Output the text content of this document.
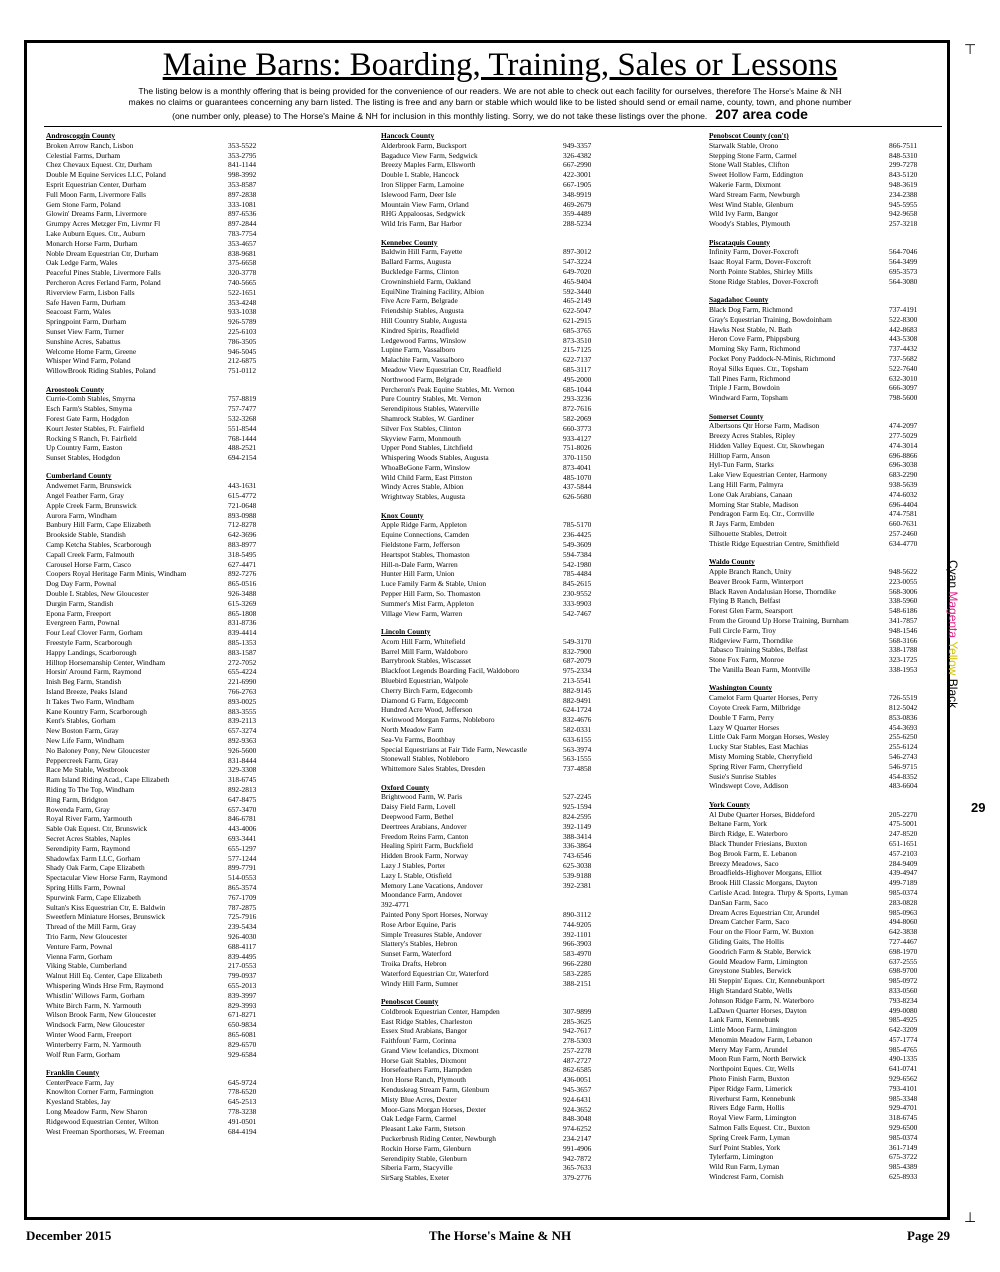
Maine Barns: Boarding, Training, Sales or Lessons
The listing below is a monthly offering that is being provided for the convenience of our readers. We are not able to check out each facility for ourselves, therefore The Horse's Maine & NH
makes no claims or guarantees concerning any barn listed. The listing is free and any barn or stable which would like to be listed should send or email name, county, town, and phone number
(one number only, please) to The Horse's Maine & NH for inclusion in this monthly listing. Sorry, we do not take these listings over the phone. 207 area code
Androscoggin County
Broken Arrow Ranch, Lisbon	353-5522
Celestial Farms, Durham	353-2795
Chez Chevaux Equest. Ctr, Durham	841-1144
Double M Equine Services LLC, Poland	998-3992
Esprit Equestrian Center, Durham	353-8587
Full Moon Farm, Livermore Falls	897-2838
Gem Stone Farm, Poland	333-1081
Glowin' Dreams Farm, Livermore	897-6536
Grumpy Acres Metzger Fm, Livrmr Fl	897-2844
Lake Auburn Eques. Ctr., Auburn	783-7754
Monarch Horse Farm, Durham	353-4657
Noble Dream Equestrian Ctr, Durham	838-9681
Oak Ledge Farm, Wales	375-6658
Peaceful Pines Stable, Livermore Falls	320-3778
Percheron Acres Ferland Farm, Poland	740-5665
Riverview Farm, Lisbon Falls	522-1651
Safe Haven Farm, Durham	353-4248
Seacoast Farm, Wales	933-1038
Springpoint Farm, Durham	926-5789
Sunset View Farm, Turner	225-6103
Sunshine Acres, Sabattus	786-3505
Welcome Home Farm, Greene	946-5045
Whisper Wind Farm, Poland	212-6875
WillowBrook Riding Stables, Poland	751-0112
Aroostook County
Currie-Comb Stables, Smyrna	757-8819
Esch Farm's Stables, Smyrna	757-7477
Forest Gate Farm, Hodgdon	532-3268
Kourt Jester Stables, Ft. Fairfield	551-8544
Rocking S Ranch, Ft. Fairfield	768-1444
Up Country Farm, Easton	488-2521
Sunset Stables, Hodgdon	694-2154
Cumberland County
Andwemet Farm, Brunswick	443-1631
Angel Feather Farm, Gray	615-4772
Apple Creek Farm, Brunswick	721-0648
Aurora Farm, Windham	893-0988
Banbury Hill Farm, Cape Elizabeth	712-8278
Brookside Stable, Standish	642-3696
Camp Ketcha Stables, Scarborough	883-8977
Capall Creek Farm, Falmouth	318-5495
Carousel Horse Farm, Casco	627-4471
Coopers Royal Heritage Farm Minis, Windham	892-7276
Dog Day Farm, Pownal	865-0516
Double L Stables, New Gloucester	926-3488
Durgin Farm, Standish	615-3269
Epona Farm, Freeport	865-1808
Evergreen Farm, Pownal	831-8736
Four Leaf Clover Farm, Gorham	839-4414
Freestyle Farm, Scarborough	885-1353
Happy Landings, Scarborough	883-1587
Hilltop Horsemanship Center, Windham	272-7052
Horsin' Around Farm, Raymond	655-4224
Inish Beg Farm, Standish	221-6990
Island Breeze, Peaks Island	766-2763
It Takes Two Farm, Windham	893-0025
Kane Kountry Farm, Scarborough	883-3555
Kent's Stables, Gorham	839-2113
New Boston Farm, Gray	657-3274
New Life Farm, Windham	892-9363
No Baloney Pony, New Gloucester	926-5600
Peppercreek Farm, Gray	831-8444
Race Me Stable, Westbrook	329-3308
Ram Island Riding Acad., Cape Elizabeth	318-6745
Riding To The Top, Windham	892-2813
Ring Farm, Bridgton	647-8475
Rowenda Farm, Gray	657-3470
Royal River Farm, Yarmouth	846-6781
Sable Oak Equest. Ctr, Brunswick	443-4006
Secret Acres Stables, Naples	693-3441
Serendipity Farm, Raymond	655-1297
Shadowfax Farm LLC, Gorham	577-1244
Shady Oak Farm, Cape Elizabeth	899-7791
Spectacular View Horse Farm, Raymond	514-0553
Spring Hills Farm, Pownal	865-3574
Spurwink Farm, Cape Elizabeth	767-1709
Sultan's Kiss Equestrian Ctr, E. Baldwin	787-2875
Sweetfern Miniature Horses, Brunswick	725-7916
Thread of the Mill Farm, Gray	239-5434
Trio Farm, New Gloucester	926-4030
Venture Farm, Pownal	688-4117
Vienna Farm, Gorham	839-4495
Viking Stable, Cumberland	217-0553
Walnut Hill Eq. Center, Cape Elizabeth	799-0937
Whispering Winds Hrse Frm, Raymond	655-2013
Whistlin' Willows Farm, Gorham	839-3997
White Birch Farm, N. Yarmouth	829-3993
Wilson Brook Farm, New Gloucester	671-8271
Windsock Farm, New Gloucester	650-9834
Winter Wood Farm, Freeport	865-6081
Winterberry Farm, N. Yarmouth	829-6570
Wolf Run Farm, Gorham	929-6584
Franklin County
CenterPeace Farm, Jay	645-9724
Knowlton Corner Farm, Farmington	778-6520
Kyesland Stables, Jay	645-2513
Long Meadow Farm, New Sharon	778-3238
Ridgewood Equestrian Center, Wilton	491-0501
West Freeman Sporthorses, W. Freeman	684-4194
Hancock County
Alderbrook Farm, Bucksport	949-3357
Bagaduce View Farm, Sedgwick	326-4382
Breezy Maples Farm, Ellsworth	667-2990
Double L Stable, Hancock	422-3001
Iron Slipper Farm, Lamoine	667-1905
Islewood Farm, Deer Isle	348-9919
Mountain View Farm, Orland	469-2679
RHG Appaloosas, Sedgwick	359-4489
Wild Iris Farm, Bar Harbor	288-5234
Kennebec County
Baldwin Hill Farm, Fayette	897-3012
Ballard Farms, Augusta	547-3224
Buckledge Farms, Clinton	649-7020
Crowninshield Farm, Oakland	465-9404
EquiNine Training Facility, Albion	592-3440
Five Acre Farm, Belgrade	465-2149
Friendship Stables, Augusta	622-5047
Hill Country Stable, Augusta	621-2915
Kindred Spirits, Readfield	685-3765
Ledgewood Farms, Winslow	873-3510
Lupine Farm, Vassalboro	215-7125
Malachite Farm, Vassalboro	622-7137
Meadow View Equestrian Ctr, Readfield	685-3117
Northwood Farm, Belgrade	495-2000
Percheron's Peak Equine Stables, Mt. Vernon	685-1044
Pure Country Stables, Mt. Vernon	293-3236
Serendipitous Stables, Waterville	872-7616
Shamrock Stables, W. Gardiner	582-2069
Silver Fox Stables, Clinton	660-3773
Skyview Farm, Monmouth	933-4127
Upper Pond Stables, Litchfield	751-8026
Whispering Woods Stables, Augusta	370-1150
WhoaBeGone Farm, Winslow	873-4041
Wild Child Farm, East Pittston	485-1070
Windy Acres Stable, Albion	437-5844
Wrightway Stables, Augusta	626-5680
Knox County
Apple Ridge Farm, Appleton	785-5170
Equine Connections, Camden	236-4425
Fieldstone Farm, Jefferson	549-3609
Heartspot Stables, Thomaston	594-7384
Hill-n-Dale Farm, Warren	542-1980
Hunter Hill Farm, Union	785-4484
Luce Family Farm & Stable, Union	845-2615
Pepper Hill Farm, So. Thomaston	230-9552
Summer's Mist Farm, Appleton	333-9903
Village View Farm, Warren	542-7467
Lincoln County
Acorn Hill Farm, Whitefield	549-3170
Barrel Mill Farm, Waldoboro	832-7900
Barrybrook Stables, Wiscasset	687-2079
Blackfoot Legends Boarding Facil, Waldoboro	975-2334
Bluebird Equestrian, Walpole	213-5541
Cherry Birch Farm, Edgecomb	882-9145
Diamond G Farm, Edgecomb	882-9491
Hundred Acre Wood, Jefferson	624-1724
Kwinwood Morgan Farms, Nobleboro	832-4676
North Meadow Farm	582-0331
Sea-Vu Farms, Boothbay	633-6155
Special Equestrians at Fair Tide Farm, Newcastle	563-3974
Stonewall Stables, Nobleboro	563-1555
Whittemore Sales Stables, Dresden	737-4858
Oxford County
Brightwood Farm, W. Paris	527-2245
Daisy Field Farm, Lovell	925-1594
Deepwood Farm, Bethel	824-2595
Deertrees Arabians, Andover	392-1149
Freedom Reins Farm, Canton	388-3414
Healing Spirit Farm, Buckfield	336-3864
Hidden Brook Farm, Norway	743-6546
Lazy J Stables, Porter	625-3038
Lazy L Stable, Otisfield	539-9188
Memory Lane Vacations, Andover	392-2381
Moondance Farm, Andover
392-4771
Painted Pony Sport Horses, Norway	890-3112
Rose Arbor Equine, Paris	744-9205
Simple Treasures Stable, Andover	392-1101
Slattery's Stables, Hebron	966-3903
Sunset Farm, Waterford	583-4970
Troika Drafts, Hebron	966-2280
Waterford Equestrian Ctr, Waterford	583-2285
Windy Hill Farm, Sumner	388-2151
Penobscot County
Coldbrook Equestrian Center, Hampden	307-9899
East Ridge Stables, Charleston	285-3625
Essex Stud Arabians, Bangor	942-7617
Faithfoun' Farm, Corinna	278-5303
Grand View Icelandics, Dixmont	257-2278
Horse Gait Stables, Dixmont	487-2727
Horsefeathers Farm, Hampden	862-6585
Iron Horse Ranch, Plymouth	436-0051
Kenduskeag Stream Farm, Glenburn	945-3657
Misty Blue Acres, Dexter	924-6431
Moor-Gans Morgan Horses, Dexter	924-3652
Oak Ledge Farm, Carmel	848-3048
Pleasant Lake Farm, Stetson	974-6252
Puckerbrush Riding Center, Newburgh	234-2147
Rockin Horse Farm, Glenburn	991-4906
Serendipity Stable, Glenburn	942-7872
Siberia Farm, Stacyville	365-7633
SirSarg Stables, Exeter	379-2776
Penobscot County (con't)
Starwalk Stable, Orono	866-7511
Stepping Stone Farm, Carmel	848-5310
Stone Wall Stables, Clifton	299-7278
Sweet Hollow Farm, Eddington	843-5120
Wakerie Farm, Dixmont	948-3619
Ward Stream Farm, Newburgh	234-2388
West Wind Stable, Glenburn	945-5955
Wild Ivy Farm, Bangor	942-9658
Woody's Stables, Plymouth	257-3218
Piscataquis County
Infinity Farm, Dover-Foxcroft	564-7046
Isaac Royal Farm, Dover-Foxcroft	564-3499
North Pointe Stables, Shirley Mills	695-3573
Stone Ridge Stables, Dover-Foxcroft	564-3080
Sagadahoc County
Black Dog Farm, Richmond	737-4191
Gray's Equestrian Training, Bowdoinham	522-8300
Hawks Nest Stable, N. Bath	442-8683
Heron Cove Farm, Phippsburg	443-5308
Morning Sky Farm, Richmond	737-4432
Pocket Pony Paddock-N-Minis, Richmond	737-5682
Royal Silks Eques. Ctr., Topsham	522-7640
Tall Pines Farm, Richmond	632-3010
Triple J Farm, Bowdoin	666-3097
Windward Farm, Topsham	798-5600
Somerset County
Albertsons Qtr Horse Farm, Madison	474-2097
Breezy Acres Stables, Ripley	277-5029
Hidden Valley Equest. Ctr, Skowhegan	474-3014
Hilltop Farm, Anson	696-8866
Hyl-Tun Farm, Starks	696-3038
Lake View Equestrian Center, Harmony	683-2290
Lang Hill Farm, Palmyra	938-5639
Lone Oak Arabians, Canaan	474-6032
Morning Star Stable, Madison	696-4404
Pendragon Farm Eq. Ctr., Cornville	474-7581
R Jays Farm, Embden	660-7631
Silhouette Stables, Detroit	257-2460
Thistle Ridge Equestrian Centre, Smithfield	634-4770
Waldo County
Apple Branch Ranch, Unity	948-5622
Beaver Brook Farm, Winterport	223-0055
Black Raven Andalusian Horse, Thorndike	568-3006
Flying B Ranch, Belfast	338-5960
Forest Glen Farm, Searsport	548-6186
From the Ground Up Horse Training, Burnham	341-7857
Full Circle Farm, Troy	948-1546
Ridgeview Farm, Thorndike	568-3166
Tabasco Training Stables, Belfast	338-1788
Stone Fox Farm, Monroe	323-1725
The Vanilla Bean Farm, Montville	338-1953
Washington County
Camelot Farm Quarter Horses, Perry	726-5519
Coyote Creek Farm, Milbridge	812-5042
Double T Farm, Perry	853-0836
Lazy W Quarter Horses	454-3693
Little Oak Farm Morgan Horses, Wesley	255-6250
Lucky Star Stables, East Machias	255-6124
Misty Morning Stable, Cherryfield	546-2743
Spring River Farm, Cherryfield	546-9715
Susie's Sunrise Stables	454-8352
Windswept Cove, Addison	483-6604
York County
Al Dube Quarter Horses, Biddeford	205-2270
Beltane Farm, York	475-5001
Birch Ridge, E. Waterboro	247-8520
Black Thunder Friesians, Buxton	651-1651
Bog Brook Farm, E. Lebanon	457-2103
Breezy Meadows, Saco	284-9409
Broadfields-Highover Morgans, Elliot	439-4947
Brook Hill Classic Morgans, Dayton	499-7189
Carlisle Acad. Integra. Thrpy & Sports, Lyman	985-0374
DanSan Farm, Saco	283-0828
Dream Acres Equestrian Ctr, Arundel	985-0963
Dream Catcher Farm, Saco	494-8060
Four on the Floor Farm, W. Buxton	642-3838
Gliding Gaits, The Hollis	727-4467
Goodrich Farm & Stable, Berwick	698-1970
Gould Meadow Farm, Limington	637-2555
Greystone Stables, Berwick	698-9700
Hi Steppin' Eques. Ctr, Kennebunkport	985-0972
High Standard Stable, Wells	833-0560
Johnson Ridge Farm, N. Waterboro	793-8234
LaDawn Quarter Horses, Dayton	499-0080
Lank Farm, Kennebunk	985-4925
Little Moon Farm, Limington	642-3209
Menomin Meadow Farm, Lebanon	457-1774
Merry May Farm, Arundel	985-4765
Moon Run Farm, North Berwick	490-1335
Northpoint Eques. Ctr, Wells	641-0741
Photo Finish Farm, Buxton	929-6562
Piper Ridge Farm, Limerick	793-4101
Riverhurst Farm, Kennebunk	985-3348
Rivers Edge Farm, Hollis	929-4701
Royal View Farm, Limington	318-6745
Salmon Falls Equest. Ctr., Buxton	929-6500
Spring Creek Farm, Lyman	985-0374
Surf Point Stables, York	361-7149
Tylerfarm, Limington	675-3722
Wild Run Farm, Lyman	985-4389
Windcrest Farm, Cornish	625-8933
December 2015	The Horse's Maine & NH	Page 29
⊤
⊥
Cyan Magenta Yellow Black
29
